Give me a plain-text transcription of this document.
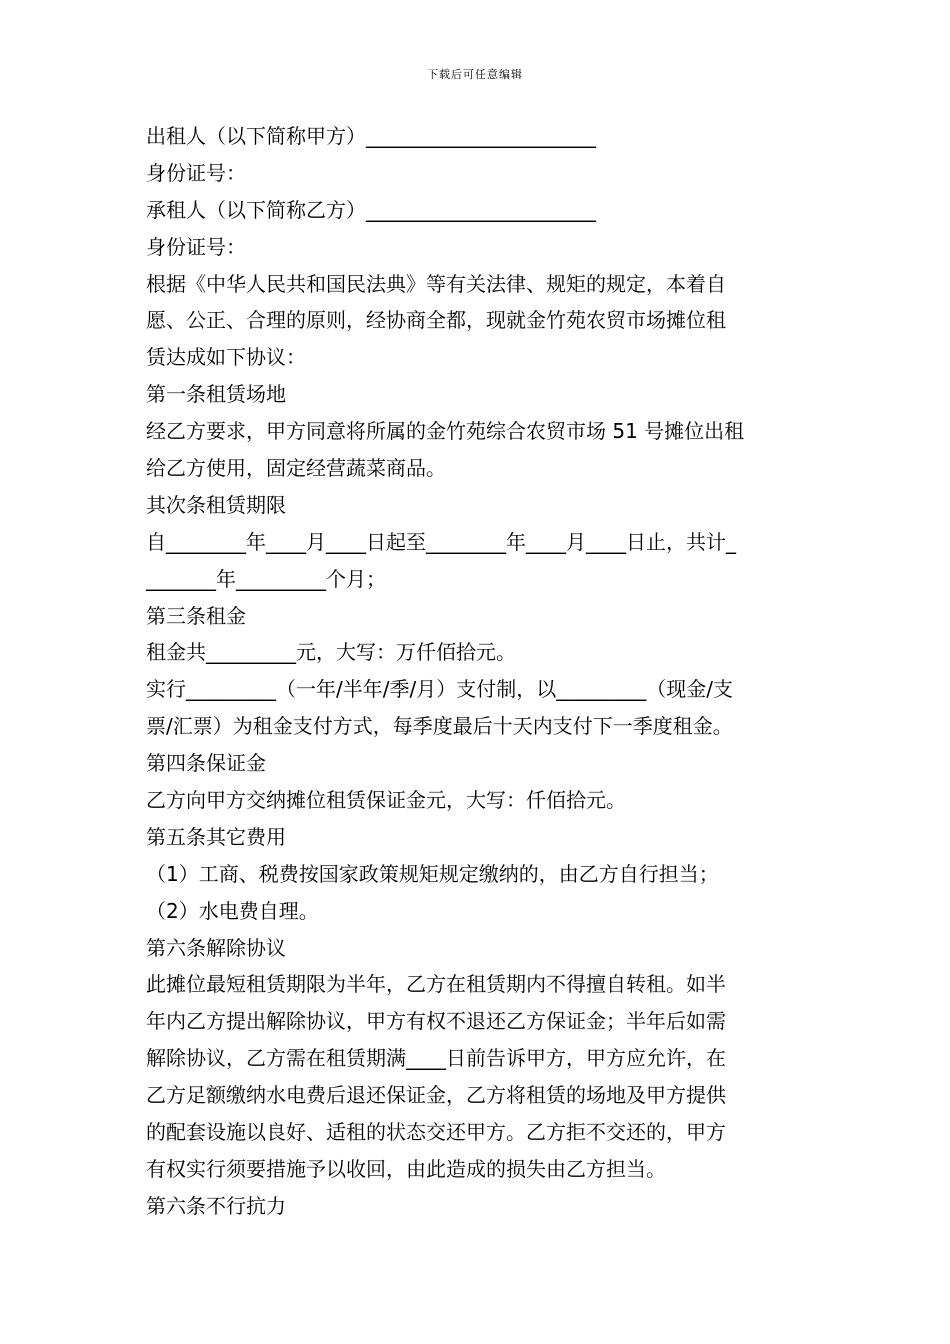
下载后可任意编辑
出租人（以下简称甲方）_______________________
身份证号：
承租人（以下简称乙方）_______________________
身份证号：
根据《中华人民共和国民法典》等有关法律、规矩的规定，本着自
愿、公正、合理的原则，经协商全都，现就金竹苑农贸市场摊位租
赁达成如下协议：
第一条租赁场地
经乙方要求，甲方同意将所属的金竹苑综合农贸市场 51 号摊位出租
给乙方使用，固定经营蔬菜商品。
其次条租赁期限
自________年____月____日起至________年____月____日止，共计_
_______年_________个月；
第三条租金
租金共_________元，大写：万仟佰拾元。
实行_________（一年/半年/季/月）支付制，以_________（现金/支
票/汇票）为租金支付方式，每季度最后十天内支付下一季度租金。
第四条保证金
乙方向甲方交纳摊位租赁保证金元，大写：仟佰拾元。
第五条其它费用
（1）工商、税费按国家政策规矩规定缴纳的，由乙方自行担当；
（2）水电费自理。
第六条解除协议
此摊位最短租赁期限为半年，乙方在租赁期内不得擅自转租。如半
年内乙方提出解除协议，甲方有权不退还乙方保证金；半年后如需
解除协议，乙方需在租赁期满____日前告诉甲方，甲方应允许，在
乙方足额缴纳水电费后退还保证金，乙方将租赁的场地及甲方提供
的配套设施以良好、适租的状态交还甲方。乙方拒不交还的，甲方
有权实行须要措施予以收回，由此造成的损失由乙方担当。
第六条不行抗力
